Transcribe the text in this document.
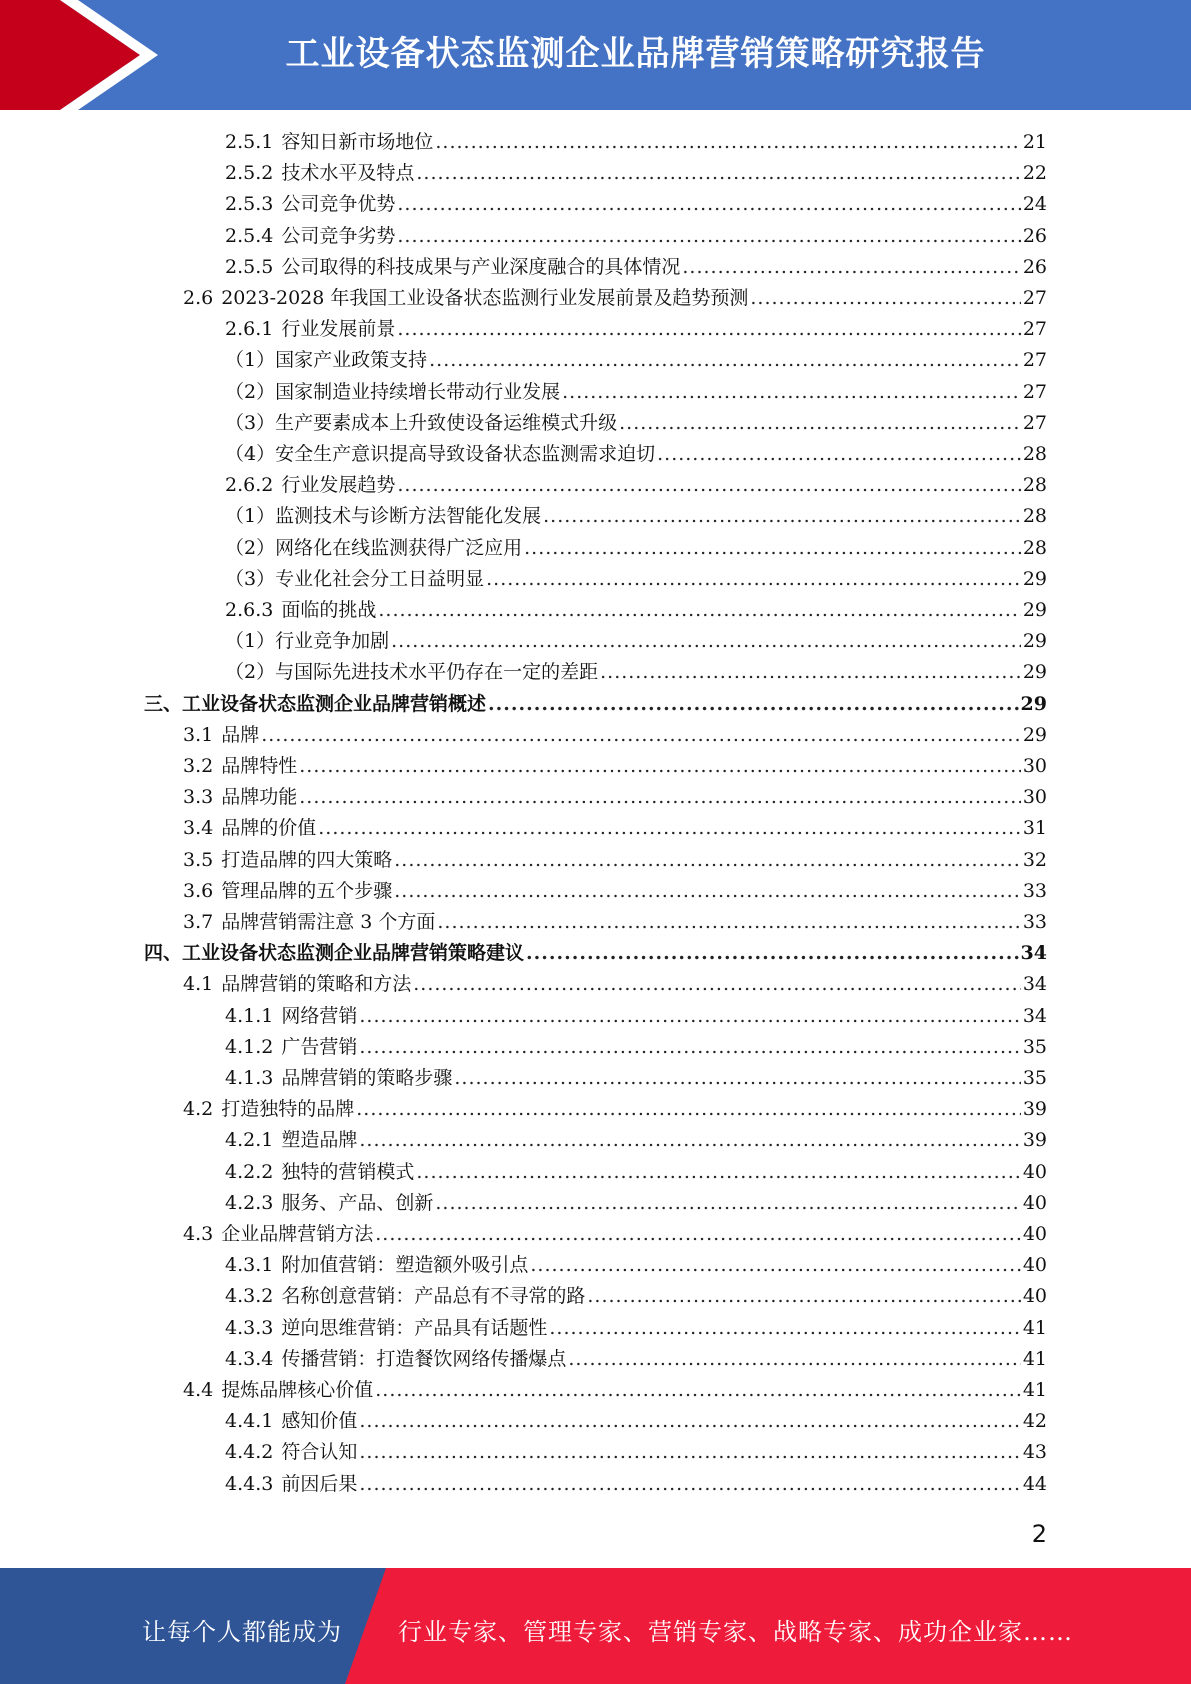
工业设备状态监测企业品牌营销策略研究报告
2.5.1 容知日新市场地位 .....	21
2.5.2 技术水平及特点 .....	22
2.5.3 公司竞争优势 .....	24
2.5.4 公司竞争劣势 .....	26
2.5.5 公司取得的科技成果与产业深度融合的具体情况 .....	26
2.6 2023-2028 年我国工业设备状态监测行业发展前景及趋势预测 .....	27
2.6.1 行业发展前景 .....	27
（1） 国家产业政策支持 .....	27
（2） 国家制造业持续增长带动行业发展 .....	27
（3） 生产要素成本上升致使设备运维模式升级 .....	27
（4） 安全生产意识提高导致设备状态监测需求迫切 .....	28
2.6.2 行业发展趋势 .....	28
（1） 监测技术与诊断方法智能化发展 .....	28
（2） 网络化在线监测获得广泛应用 .....	28
（3） 专业化社会分工日益明显 .....	29
2.6.3 面临的挑战 .....	29
（1） 行业竞争加剧 .....	29
（2） 与国际先进技术水平仍存在一定的差距 .....	29
三、 工业设备状态监测企业品牌营销概述 .....	29
3.1 品牌 .....	29
3.2 品牌特性 .....	30
3.3 品牌功能 .....	30
3.4 品牌的价值 .....	31
3.5 打造品牌的四大策略 .....	32
3.6 管理品牌的五个步骤 .....	33
3.7 品牌营销需注意 3 个方面 .....	33
四、 工业设备状态监测企业品牌营销策略建议 .....	34
4.1 品牌营销的策略和方法 .....	34
4.1.1 网络营销 .....	34
4.1.2 广告营销 .....	35
4.1.3 品牌营销的策略步骤 .....	35
4.2 打造独特的品牌 .....	39
4.2.1 塑造品牌 .....	39
4.2.2 独特的营销模式 .....	40
4.2.3 服务、产品、创新 .....	40
4.3 企业品牌营销方法 .....	40
4.3.1 附加值营销：塑造额外吸引点 .....	40
4.3.2 名称创意营销：产品总有不寻常的路 .....	40
4.3.3 逆向思维营销：产品具有话题性 .....	41
4.3.4 传播营销：打造餐饮网络传播爆点 .....	41
4.4 提炼品牌核心价值 .....	41
4.4.1 感知价值 .....	42
4.4.2 符合认知 .....	43
4.4.3 前因后果 .....	44
2
让每个人都能成为 行业专家、管理专家、营销专家、战略专家、成功企业家……
